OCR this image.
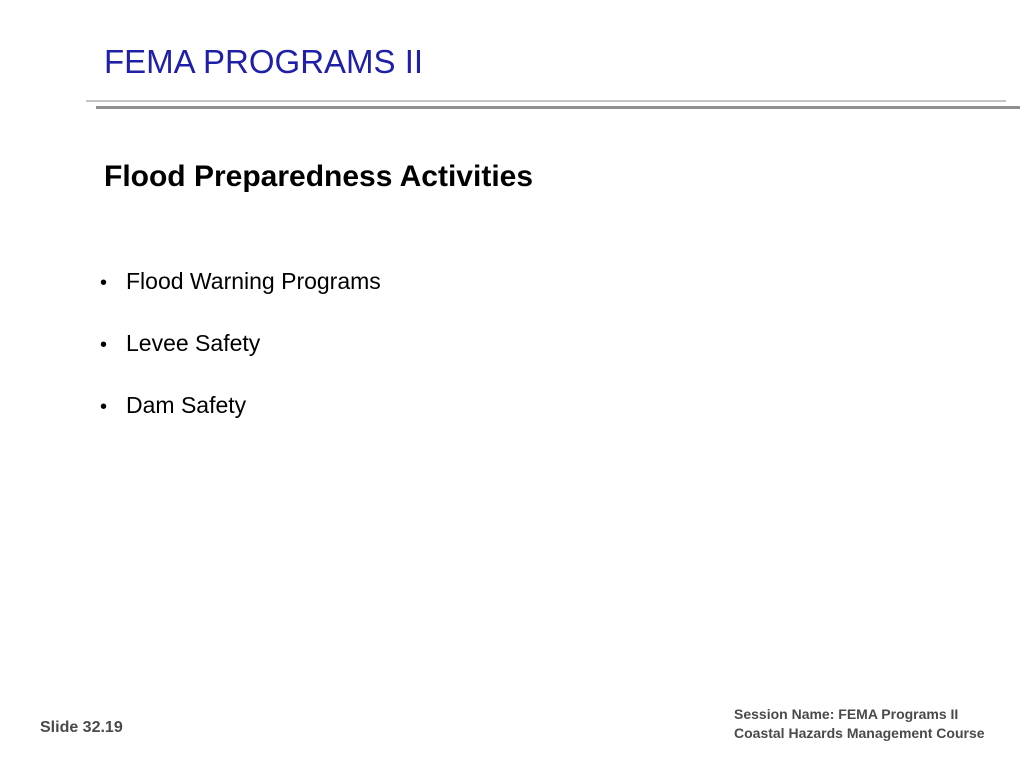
FEMA PROGRAMS II
Flood Preparedness Activities
• Flood Warning Programs
• Levee Safety
• Dam Safety
Slide 32.19
Session Name: FEMA Programs II
Coastal Hazards Management Course
